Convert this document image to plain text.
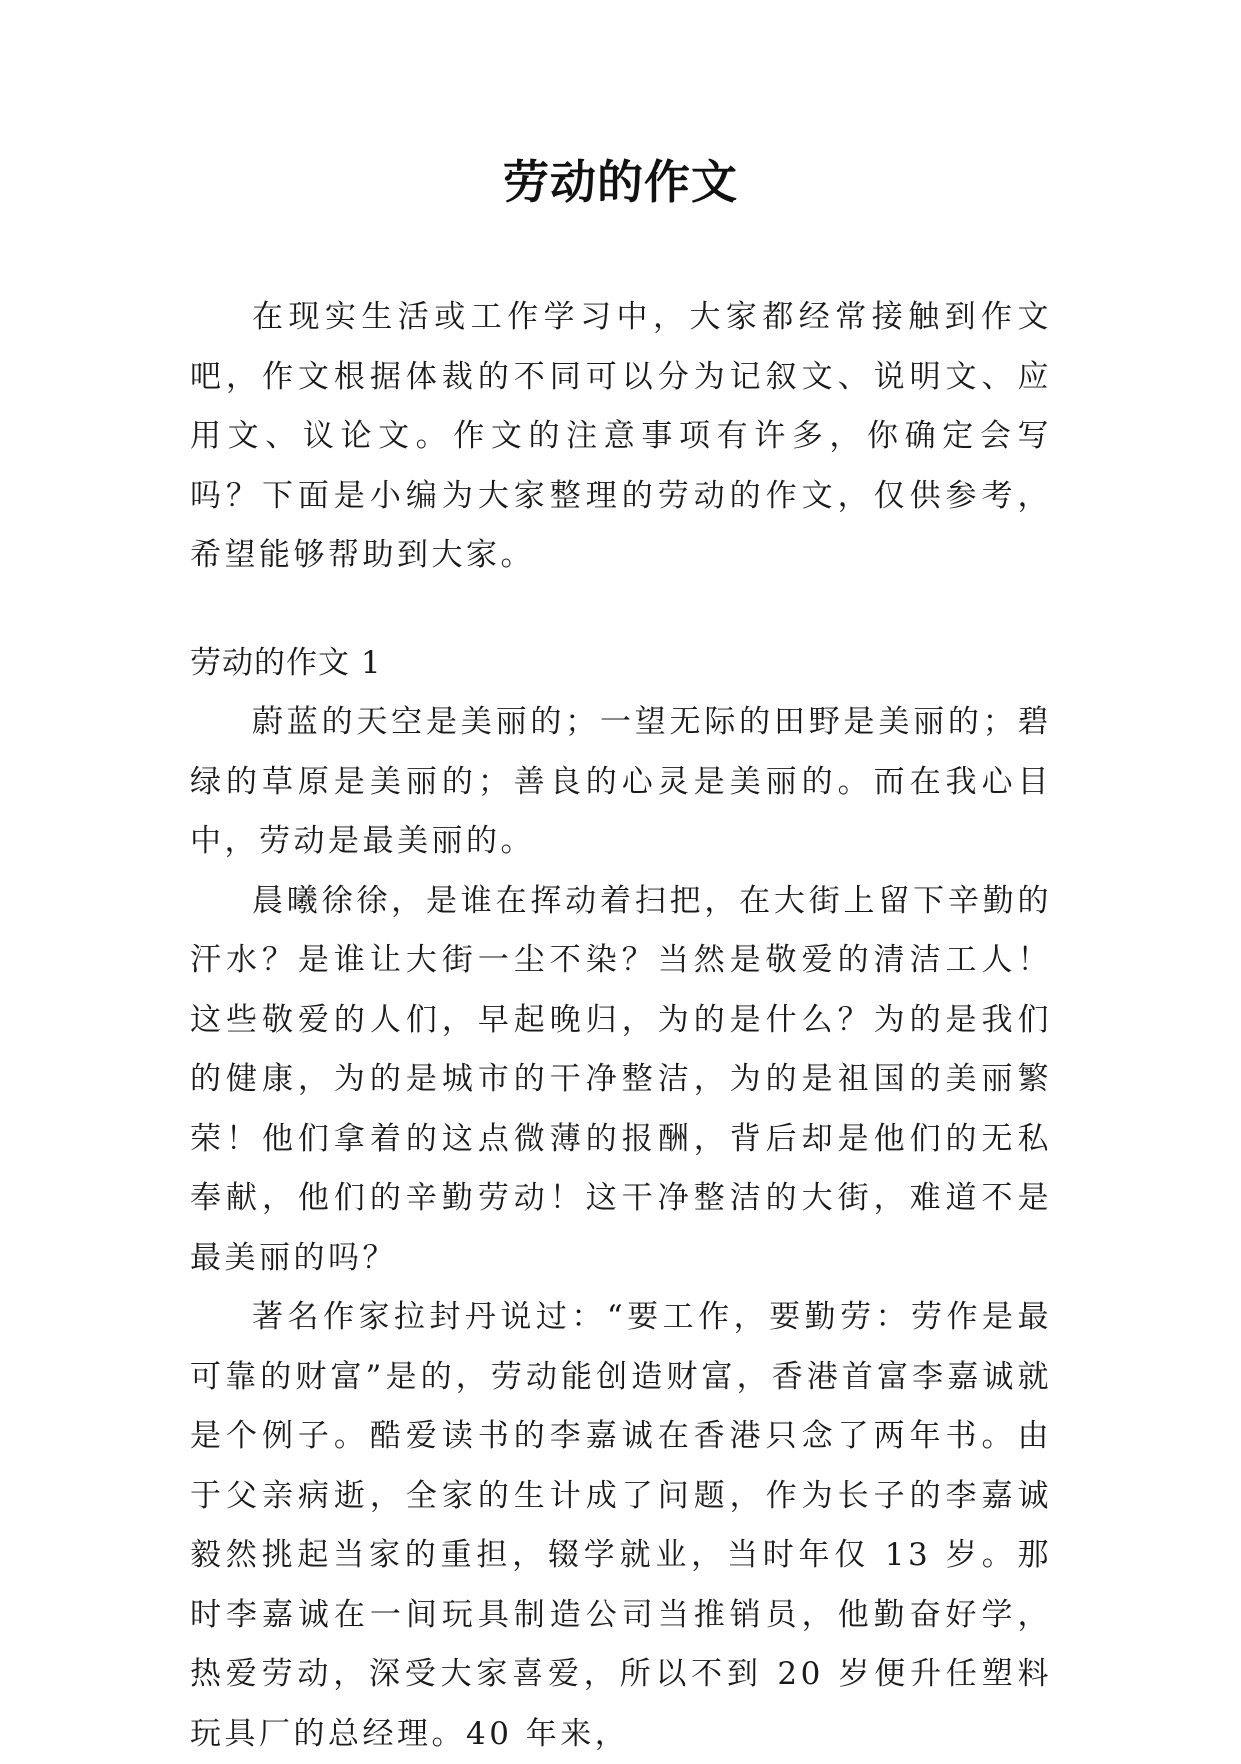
劳动的作文

在现实生活或工作学习中，大家都经常接触到作文吧，作文根据体裁的不同可以分为记叙文、说明文、应用文、议论文。作文的注意事项有许多，你确定会写吗？下面是小编为大家整理的劳动的作文，仅供参考，希望能够帮助到大家。

劳动的作文 1

蔚蓝的天空是美丽的；一望无际的田野是美丽的；碧绿的草原是美丽的；善良的心灵是美丽的。而在我心目中，劳动是最美丽的。

晨曦徐徐，是谁在挥动着扫把，在大街上留下辛勤的汗水？是谁让大街一尘不染？当然是敬爱的清洁工人！这些敬爱的人们，早起晚归，为的是什么？为的是我们的健康，为的是城市的干净整洁，为的是祖国的美丽繁荣！他们拿着的这点微薄的报酬，背后却是他们的无私奉献，他们的辛勤劳动！这干净整洁的大街，难道不是最美丽的吗？

著名作家拉封丹说过：“要工作，要勤劳：劳作是最可靠的财富”是的，劳动能创造财富，香港首富李嘉诚就是个例子。酷爱读书的李嘉诚在香港只念了两年书。由于父亲病逝，全家的生计成了问题，作为长子的李嘉诚毅然挑起当家的重担，辍学就业，当时年仅 13 岁。那时李嘉诚在一间玩具制造公司当推销员，他勤奋好学，热爱劳动，深受大家喜爱，所以不到 20 岁便升任塑料玩具厂的总经理。40 年来，
